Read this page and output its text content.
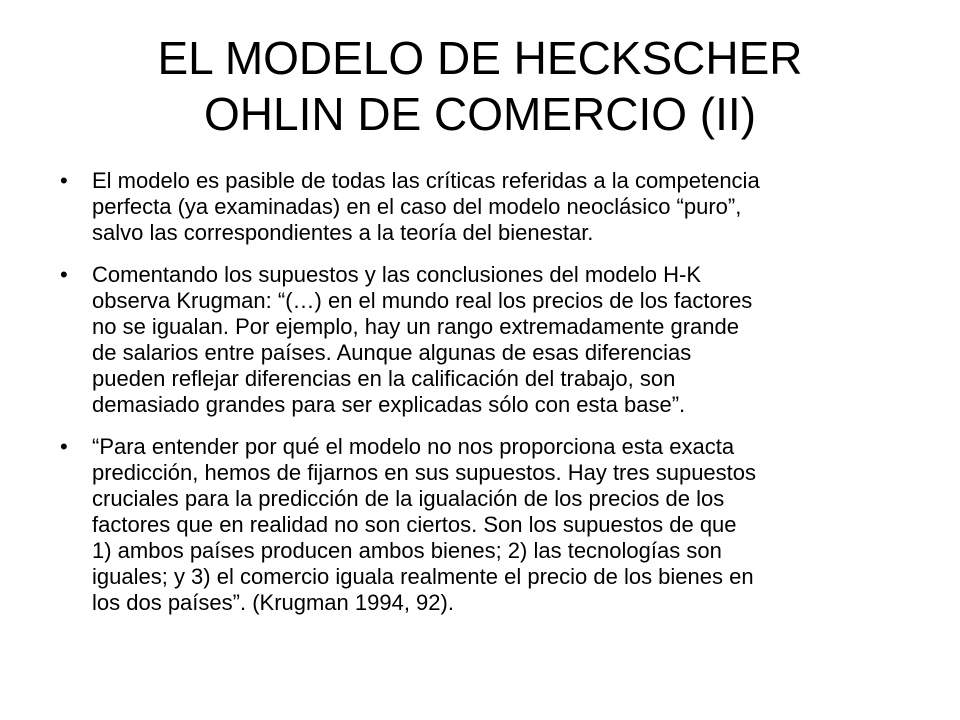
EL MODELO DE HECKSCHER
OHLIN DE COMERCIO (II)
•	El modelo es pasible de todas las críticas referidas a la competencia
perfecta (ya examinadas) en el caso del modelo neoclásico “puro”,
salvo las correspondientes a la teoría del bienestar.
•	Comentando los supuestos y las conclusiones del modelo H-K
observa Krugman: “(…) en el mundo real los precios de los factores
no se igualan. Por ejemplo, hay un rango extremadamente grande
de salarios entre países. Aunque algunas de esas diferencias
pueden reflejar diferencias en la calificación del trabajo, son
demasiado grandes para ser explicadas sólo con esta base”.
•	“Para entender por qué el modelo no nos proporciona esta exacta
predicción, hemos de fijarnos en sus supuestos. Hay tres supuestos
cruciales para la predicción de la igualación de los precios de los
factores que en realidad no son ciertos. Son los supuestos de que
1) ambos países producen ambos bienes; 2) las tecnologías son
iguales; y 3) el comercio iguala realmente el precio de los bienes en
los dos países”. (Krugman 1994, 92).
